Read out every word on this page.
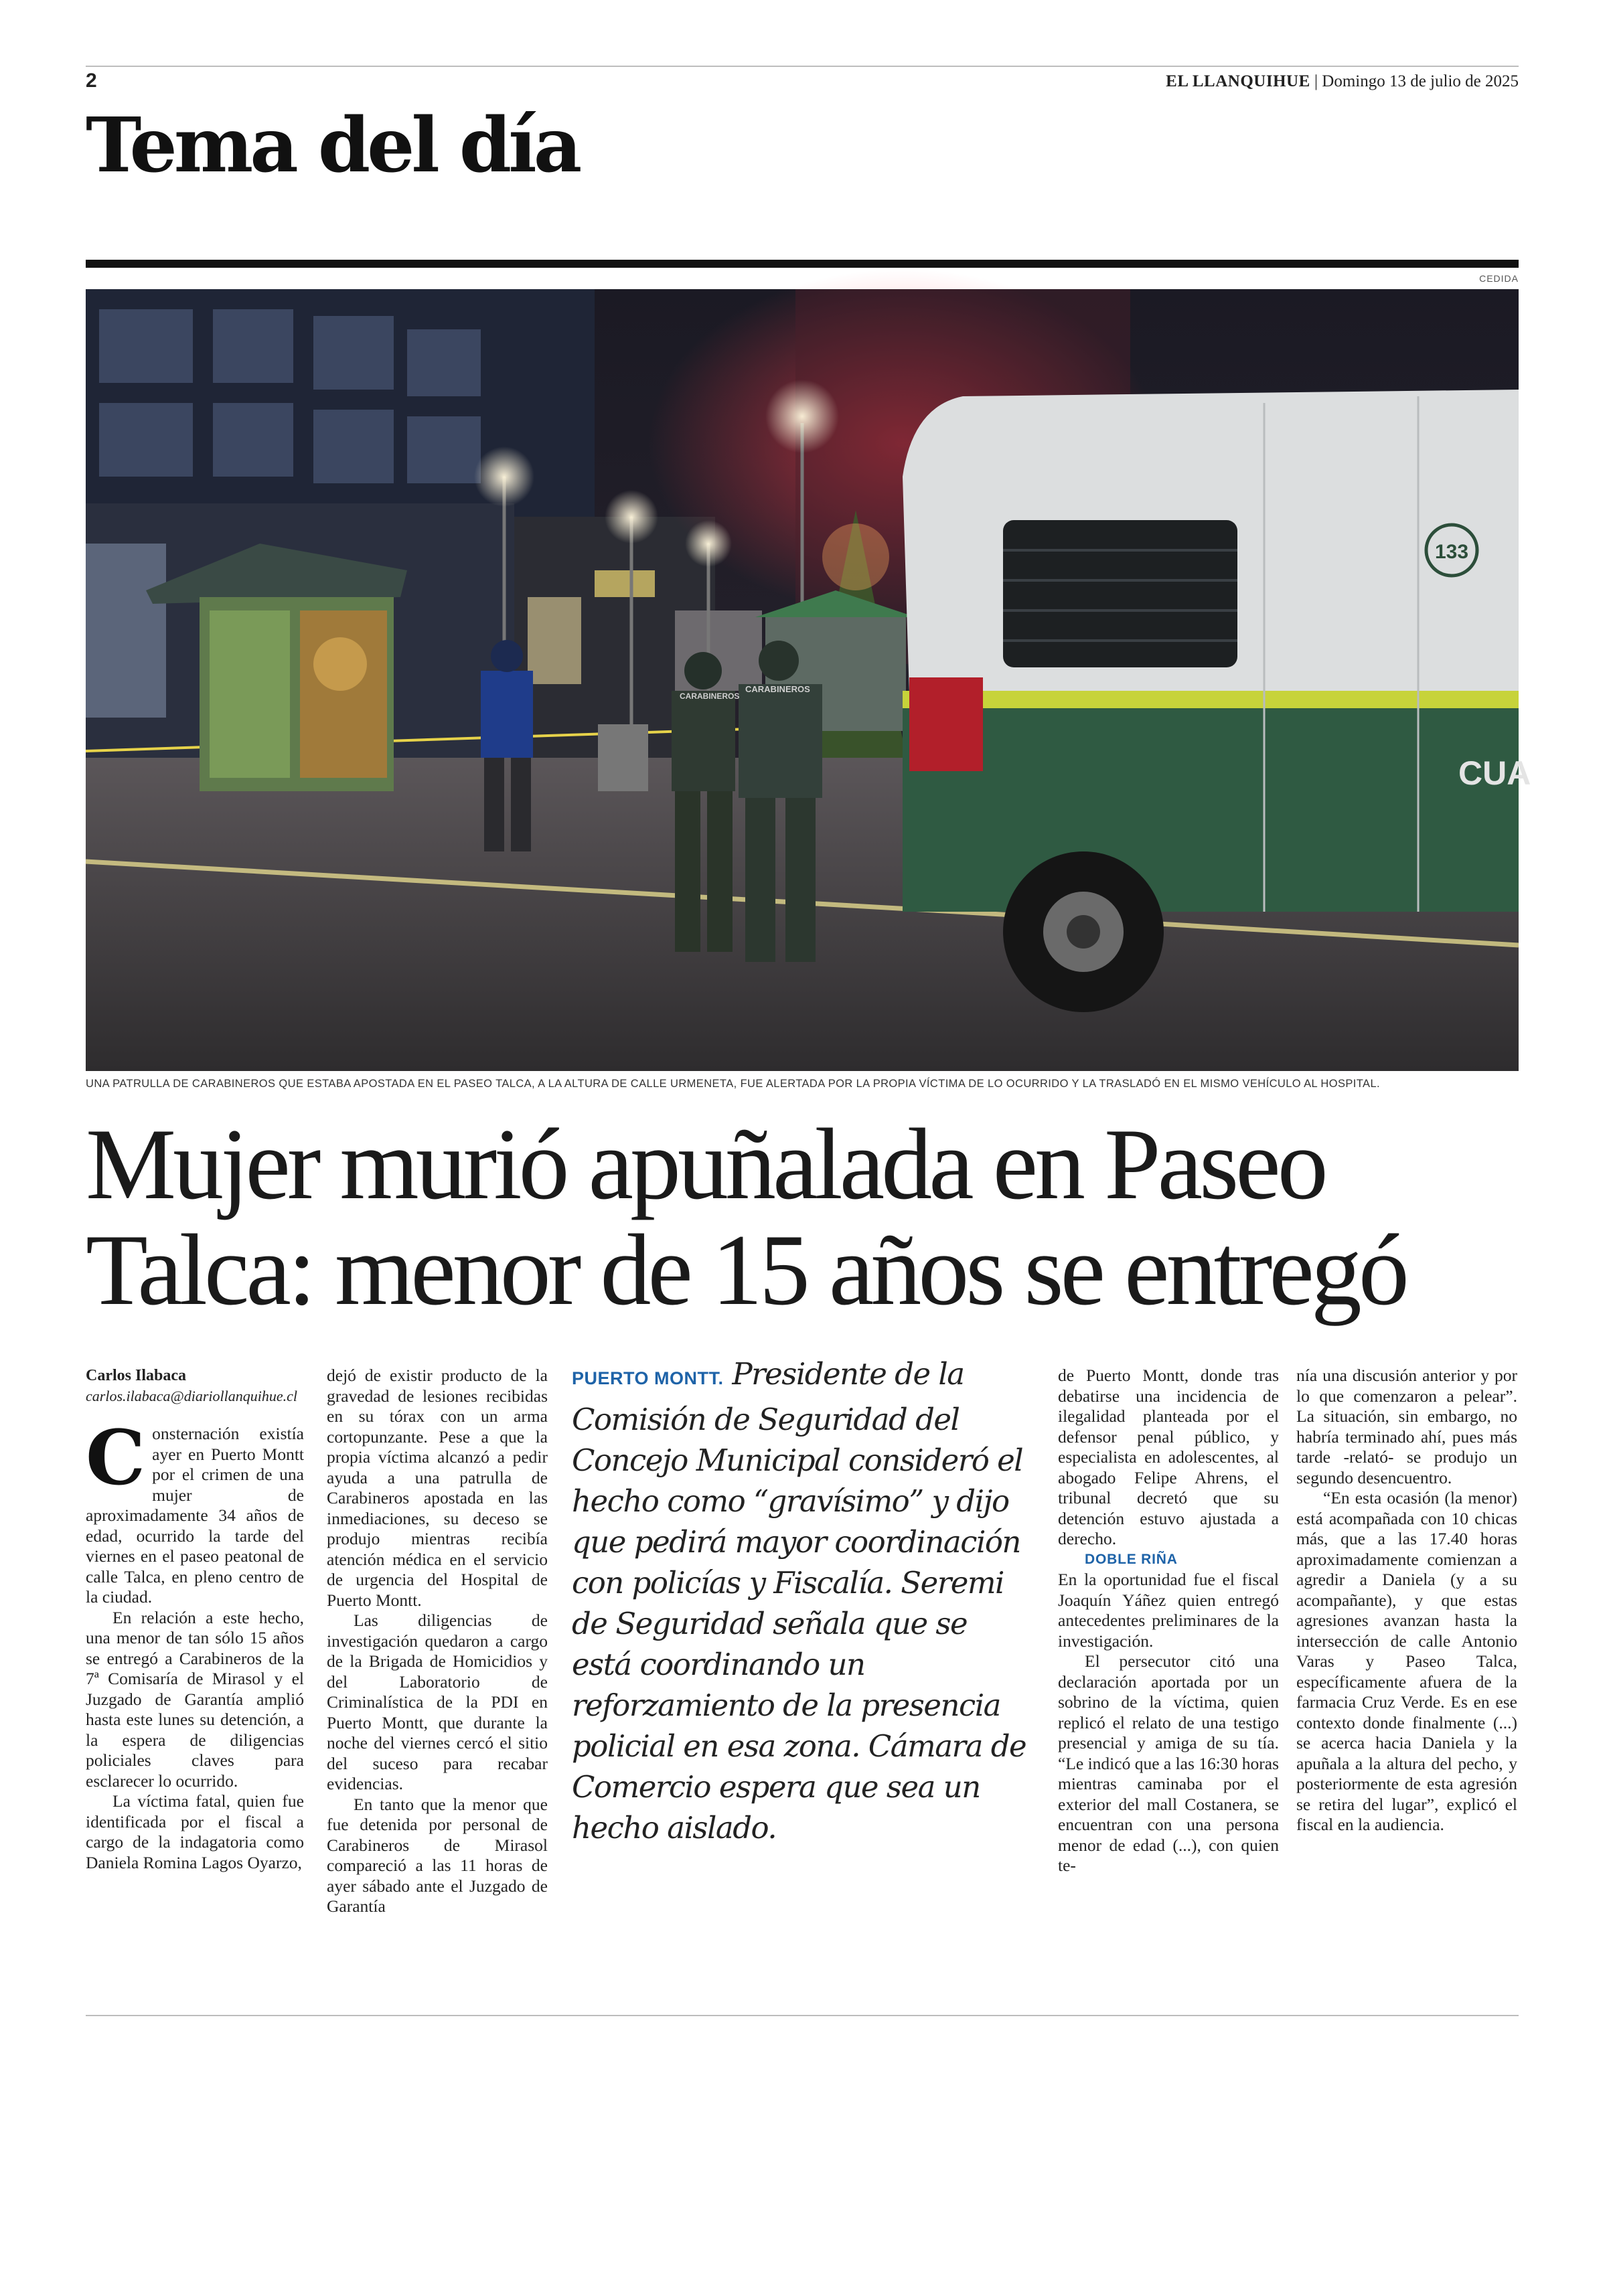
2	EL LLANQUIHUE | Domingo 13 de julio de 2025
Tema del día
CEDIDA
CARABINEROS
CARABINEROS
133
CUA
UNA PATRULLA DE CARABINEROS QUE ESTABA APOSTADA EN EL PASEO TALCA, A LA ALTURA DE CALLE URMENETA, FUE ALERTADA POR LA PROPIA VÍCTIMA DE LO OCURRIDO Y LA TRASLADÓ EN EL MISMO VEHÍCULO AL HOSPITAL.
Mujer murió apuñalada en Paseo
Talca: menor de 15 años se entregó
Carlos Ilabaca
carlos.ilabaca@diariollanquihue.cl

Consternación existía ayer en Puerto Montt por el crimen de una mujer de aproximadamente 34 años de edad, ocurrido la tarde del viernes en el paseo peatonal de calle Talca, en pleno centro de la ciudad.

En relación a este hecho, una menor de tan sólo 15 años se entregó a Carabineros de la 7ª Comisaría de Mirasol y el Juzgado de Garantía amplió hasta este lunes su detención, a la espera de diligencias policiales claves para esclarecer lo ocurrido.

La víctima fatal, quien fue identificada por el fiscal a cargo de la indagatoria como Daniela Romina Lagos Oyarzo,

dejó de existir producto de la gravedad de lesiones recibidas en su tórax con un arma cortopunzante. Pese a que la propia víctima alcanzó a pedir ayuda a una patrulla de Carabineros apostada en las inmediaciones, su deceso se produjo mientras recibía atención médica en el servicio de urgencia del Hospital de Puerto Montt.

Las diligencias de investigación quedaron a cargo de la Brigada de Homicidios y del Laboratorio de Criminalística de la PDI en Puerto Montt, que durante la noche del viernes cercó el sitio del suceso para recabar evidencias.

En tanto que la menor que fue detenida por personal de Carabineros de Mirasol compareció a las 11 horas de ayer sábado ante el Juzgado de Garantía

PUERTO MONTT. Presidente de la Comisión de Seguridad del Concejo Municipal consideró el hecho como “gravísimo” y dijo que pedirá mayor coordinación con policías y Fiscalía. Seremi de Seguridad señala que se está coordinando un reforzamiento de la presencia policial en esa zona. Cámara de Comercio espera que sea un hecho aislado.

de Puerto Montt, donde tras debatirse una incidencia de ilegalidad planteada por el defensor penal público, y especialista en adolescentes, al abogado Felipe Ahrens, el tribunal decretó que su detención estuvo ajustada a derecho.

DOBLE RIÑA

En la oportunidad fue el fiscal Joaquín Yáñez quien entregó antecedentes preliminares de la investigación.

El persecutor citó una declaración aportada por un sobrino de la víctima, quien replicó el relato de una testigo presencial y amiga de su tía. “Le indicó que a las 16:30 horas mientras caminaba por el exterior del mall Costanera, se encuentran con una persona menor de edad (...), con quien te-

nía una discusión anterior y por lo que comenzaron a pelear”. La situación, sin embargo, no habría terminado ahí, pues más tarde -relató- se produjo un segundo desencuentro.

“En esta ocasión (la menor) está acompañada con 10 chicas más, que a las 17.40 horas aproximadamente comienzan a agredir a Daniela (y a su acompañante), y que estas agresiones avanzan hasta la intersección de calle Antonio Varas y Paseo Talca, específicamente afuera de la farmacia Cruz Verde. Es en ese contexto donde finalmente (...) se acerca hacia Daniela y la apuñala a la altura del pecho, y posteriormente de esta agresión se retira del lugar”, explicó el fiscal en la audiencia.
